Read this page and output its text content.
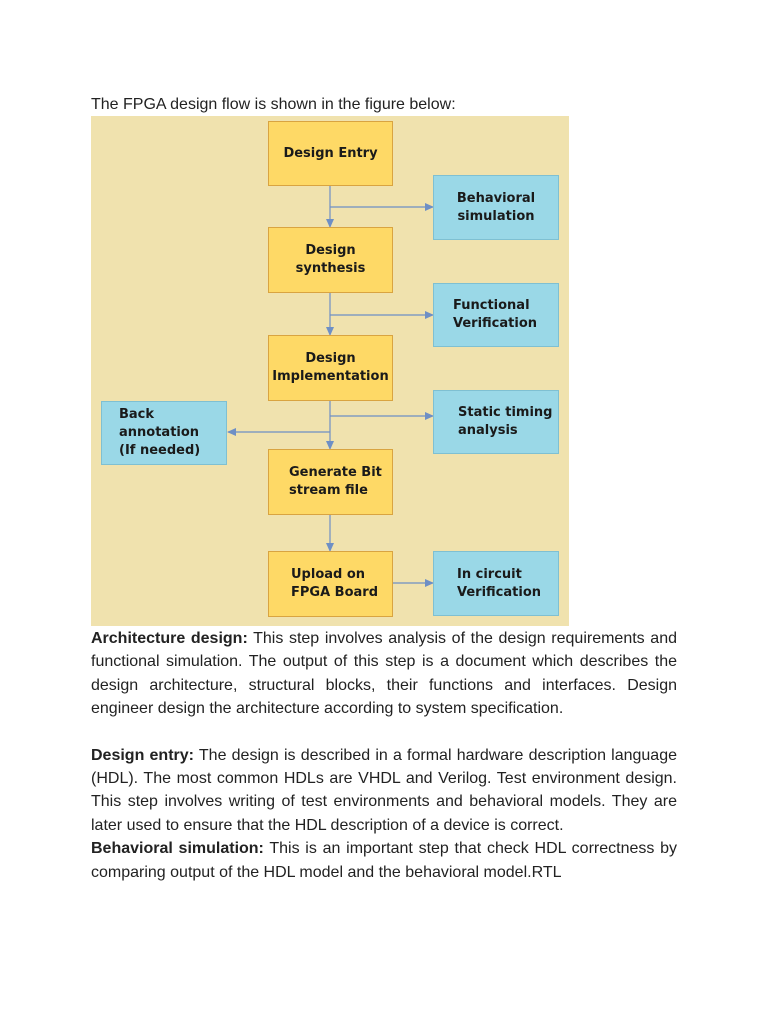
The FPGA design flow is shown in the figure below:
Design Entry
Design synthesis
Design
Implementation
Generate Bit
stream file
Upload on
FPGA Board
Behavioral
simulation
Functional
Verification
Static timing
analysis
Back annotation
(If needed)
In circuit
Verification

Architecture design: This step involves analysis of the design requirements and functional simulation. The output of this step is a document which describes the design architecture, structural blocks, their functions and interfaces. Design engineer design the architecture according to system specification.

Design entry: The design is described in a formal hardware description language (HDL). The most common HDLs are VHDL and Verilog. Test environment design. This step involves writing of test environments and behavioral models. They are later used to ensure that the HDL description of a device is correct.

Behavioral simulation: This is an important step that check HDL correctness by comparing output of the HDL model and the behavioral model.RTL
